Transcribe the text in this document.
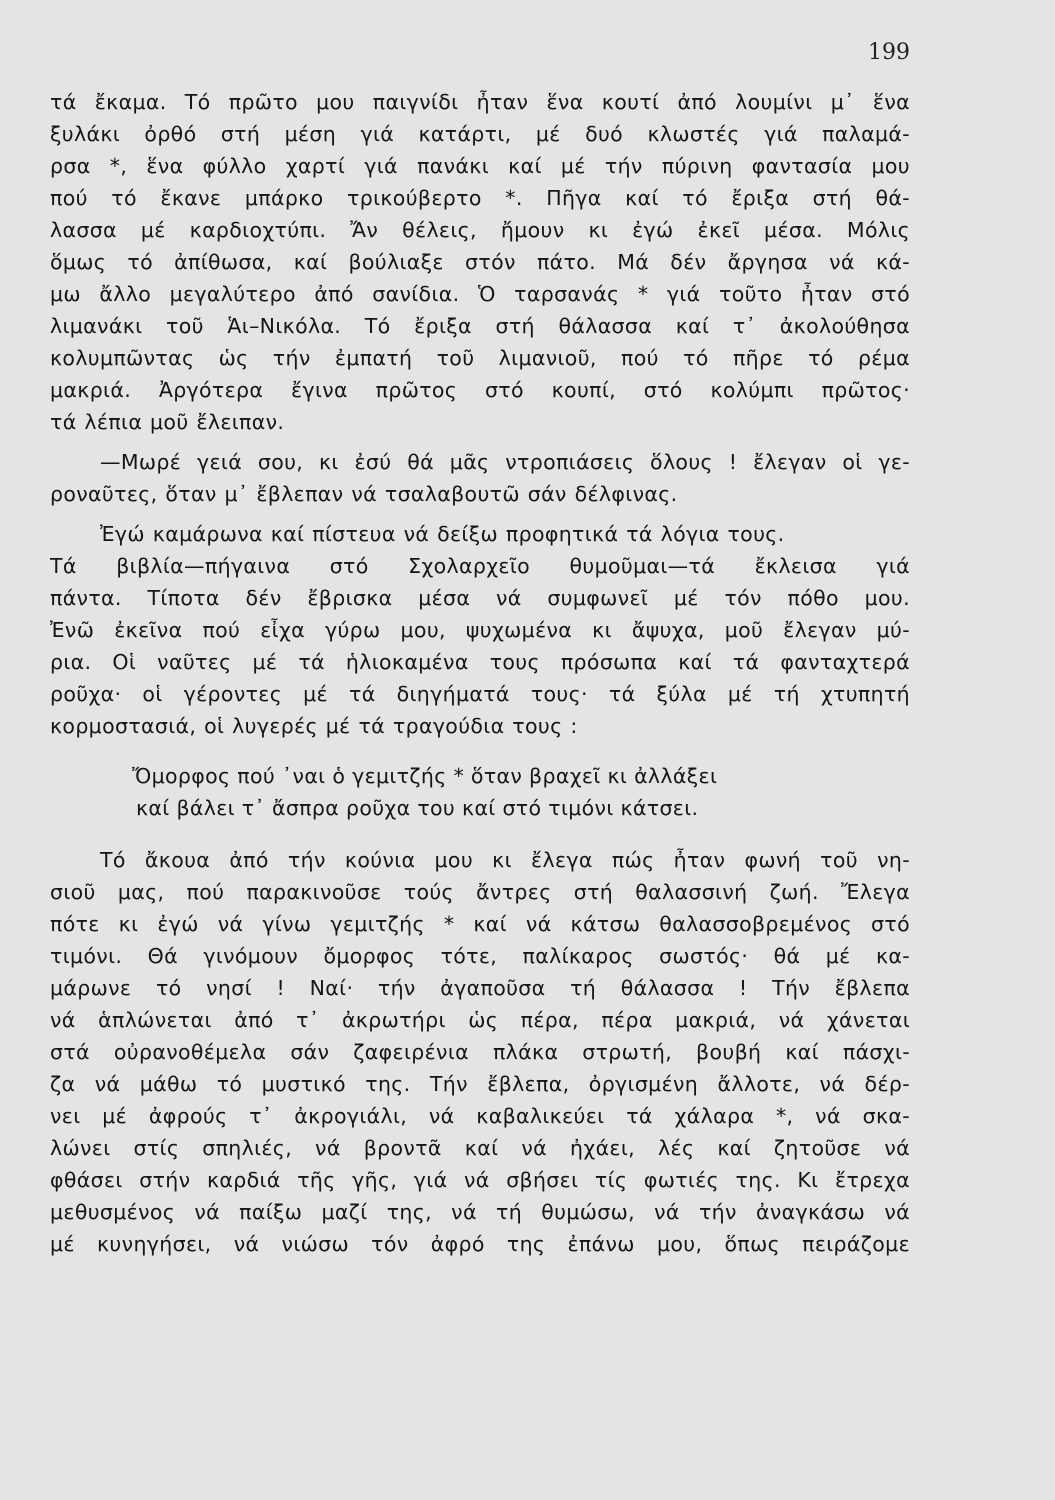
199
τά ἔκαμα. Τό πρῶτο μου παιγνίδι ἦταν ἕνα κουτί ἀπό λουμίνι μ᾽ ἕνα
ξυλάκι ὀρθό στή μέση γιά κατάρτι, μέ δυό κλωστές γιά παλαμά-
ρσα *, ἕνα φύλλο χαρτί γιά πανάκι καί μέ τήν πύρινη φαντασία μου
πού τό ἔκανε μπάρκο τρικούβερτο *. Πῆγα καί τό ἔριξα στή θά-
λασσα μέ καρδιοχτύπι. Ἄν θέλεις, ἤμουν κι ἐγώ ἐκεῖ μέσα. Μόλις
ὅμως τό ἀπίθωσα, καί βούλιαξε στόν πάτο. Μά δέν ἄργησα νά κά-
μω ἄλλο μεγαλύτερο ἀπό σανίδια. Ὁ ταρσανάς * γιά τοῦτο ἦταν στό
λιμανάκι τοῦ Ἁι–Νικόλα. Τό ἔριξα στή θάλασσα καί τ᾽ ἀκολούθησα
κολυμπῶντας ὡς τήν ἐμπατή τοῦ λιμανιοῦ, πού τό πῆρε τό ρέμα
μακριά. Ἀργότερα ἔγινα πρῶτος στό κουπί, στό κολύμπι πρῶτος·
τά λέπια μοῦ ἔλειπαν.
—Μωρέ γειά σου, κι ἐσύ θά μᾶς ντροπιάσεις ὅλους ! ἔλεγαν οἱ γε-
ροναῦτες, ὅταν μ᾽ ἔβλεπαν νά τσαλαβουτῶ σάν δέλφινας.
Ἐγώ καμάρωνα καί πίστευα νά δείξω προφητικά τά λόγια τους.
Τά βιβλία—πήγαινα στό Σχολαρχεῖο θυμοῦμαι—τά ἔκλεισα γιά
πάντα. Τίποτα δέν ἔβρισκα μέσα νά συμφωνεῖ μέ τόν πόθο μου.
Ἐνῶ ἐκεῖνα πού εἶχα γύρω μου, ψυχωμένα κι ἄψυχα, μοῦ ἔλεγαν μύ-
ρια. Οἱ ναῦτες μέ τά ἡλιοκαμένα τους πρόσωπα καί τά φανταχτερά
ροῦχα· οἱ γέροντες μέ τά διηγήματά τους· τά ξύλα μέ τή χτυπητή
κορμοστασιά, οἱ λυγερές μέ τά τραγούδια τους :
Ὄμορφος πού ᾽ναι ὁ γεμιτζής * ὅταν βραχεῖ κι ἀλλάξει
καί βάλει τ᾽ ἄσπρα ροῦχα του καί στό τιμόνι κάτσει.
Τό ἄκουα ἀπό τήν κούνια μου κι ἔλεγα πώς ἦταν φωνή τοῦ νη-
σιοῦ μας, πού παρακινοῦσε τούς ἄντρες στή θαλασσινή ζωή. Ἔλεγα
πότε κι ἐγώ νά γίνω γεμιτζής * καί νά κάτσω θαλασσοβρεμένος στό
τιμόνι. Θά γινόμουν ὄμορφος τότε, παλίκαρος σωστός· θά μέ κα-
μάρωνε τό νησί ! Ναί· τήν ἀγαποῦσα τή θάλασσα ! Τήν ἔβλεπα
νά ἁπλώνεται ἀπό τ᾽ ἀκρωτήρι ὡς πέρα, πέρα μακριά, νά χάνεται
στά οὐρανοθέμελα σάν ζαφειρένια πλάκα στρωτή, βουβή καί πάσχι-
ζα νά μάθω τό μυστικό της. Τήν ἔβλεπα, ὀργισμένη ἄλλοτε, νά δέρ-
νει μέ ἀφρούς τ᾽ ἀκρογιάλι, νά καβαλικεύει τά χάλαρα *, νά σκα-
λώνει στίς σπηλιές, νά βροντᾶ καί νά ἠχάει, λές καί ζητοῦσε νά
φθάσει στήν καρδιά τῆς γῆς, γιά νά σβήσει τίς φωτιές της. Κι ἔτρεχα
μεθυσμένος νά παίξω μαζί της, νά τή θυμώσω, νά τήν ἀναγκάσω νά
μέ κυνηγήσει, νά νιώσω τόν ἀφρό της ἐπάνω μου, ὅπως πειράζομε
